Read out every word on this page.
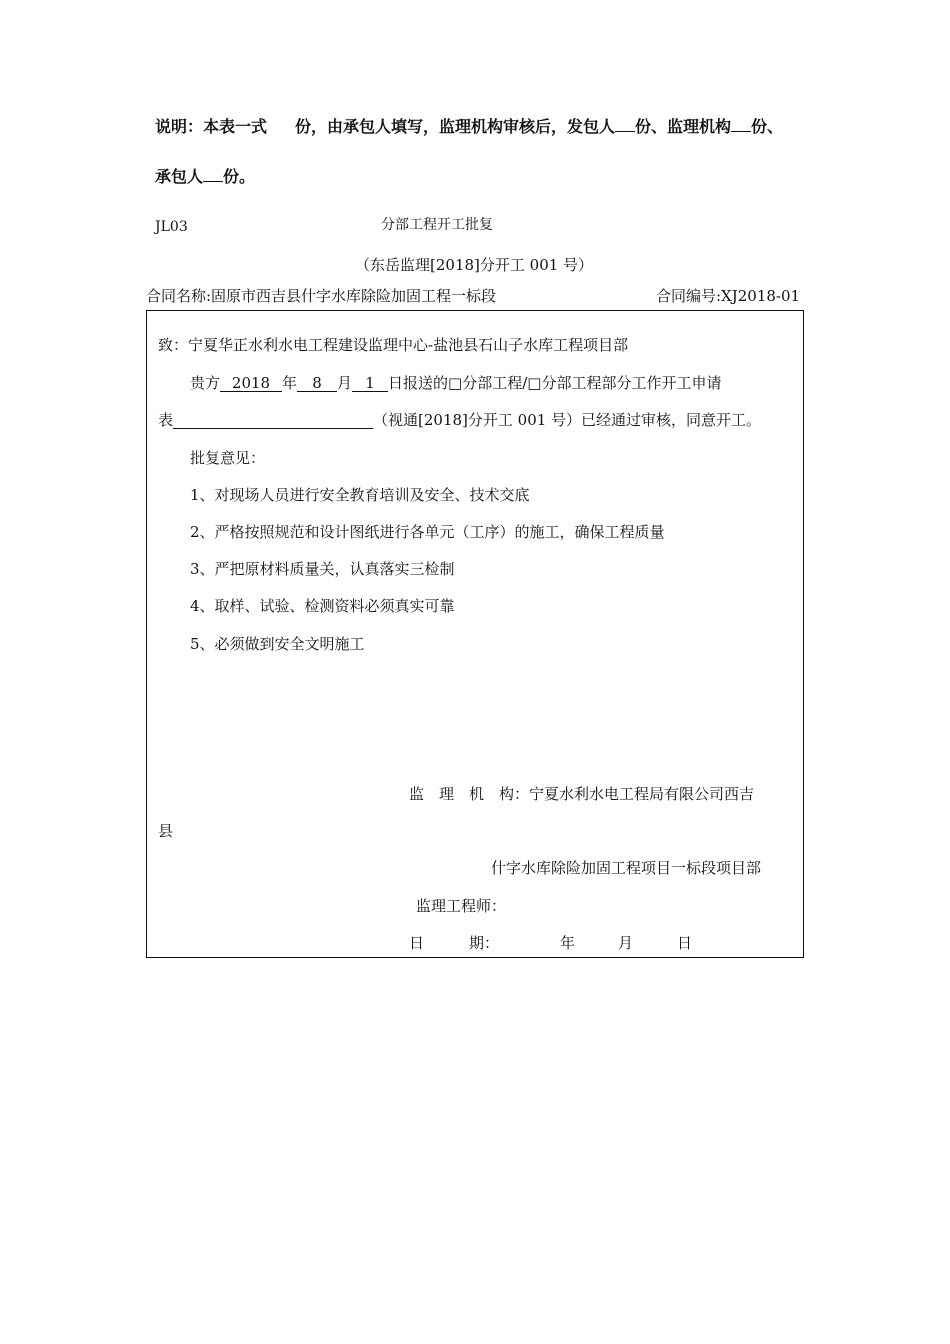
说明：本表一式 份，由承包人填写，监理机构审核后，发包人 份、监理机构 份、
承包人 份。
JL03	分部工程开工批复
（东岳监理[2018]分开工 001 号）
合同名称:固原市西吉县什字水库除险加固工程一标段	合同编号:XJ2018-01
致：宁夏华正水利水电工程建设监理中心-盐池县石山子水库工程项目部
贵方 2018 年 8 月 1 日报送的□分部工程/□分部工程部分工作开工申请
表	（视通[2018]分开工 001 号）已经通过审核，同意开工。
批复意见：
1、对现场人员进行安全教育培训及安全、技术交底
2、严格按照规范和设计图纸进行各单元（工序）的施工，确保工程质量
3、严把原材料质量关，认真落实三检制
4、取样、试验、检测资料必须真实可靠
5、必须做到安全文明施工
监　理　机　构：宁夏水利水电工程局有限公司西吉
县
什字水库除险加固工程项目一标段项目部
监理工程师：
日　　　期：	年	月	日
